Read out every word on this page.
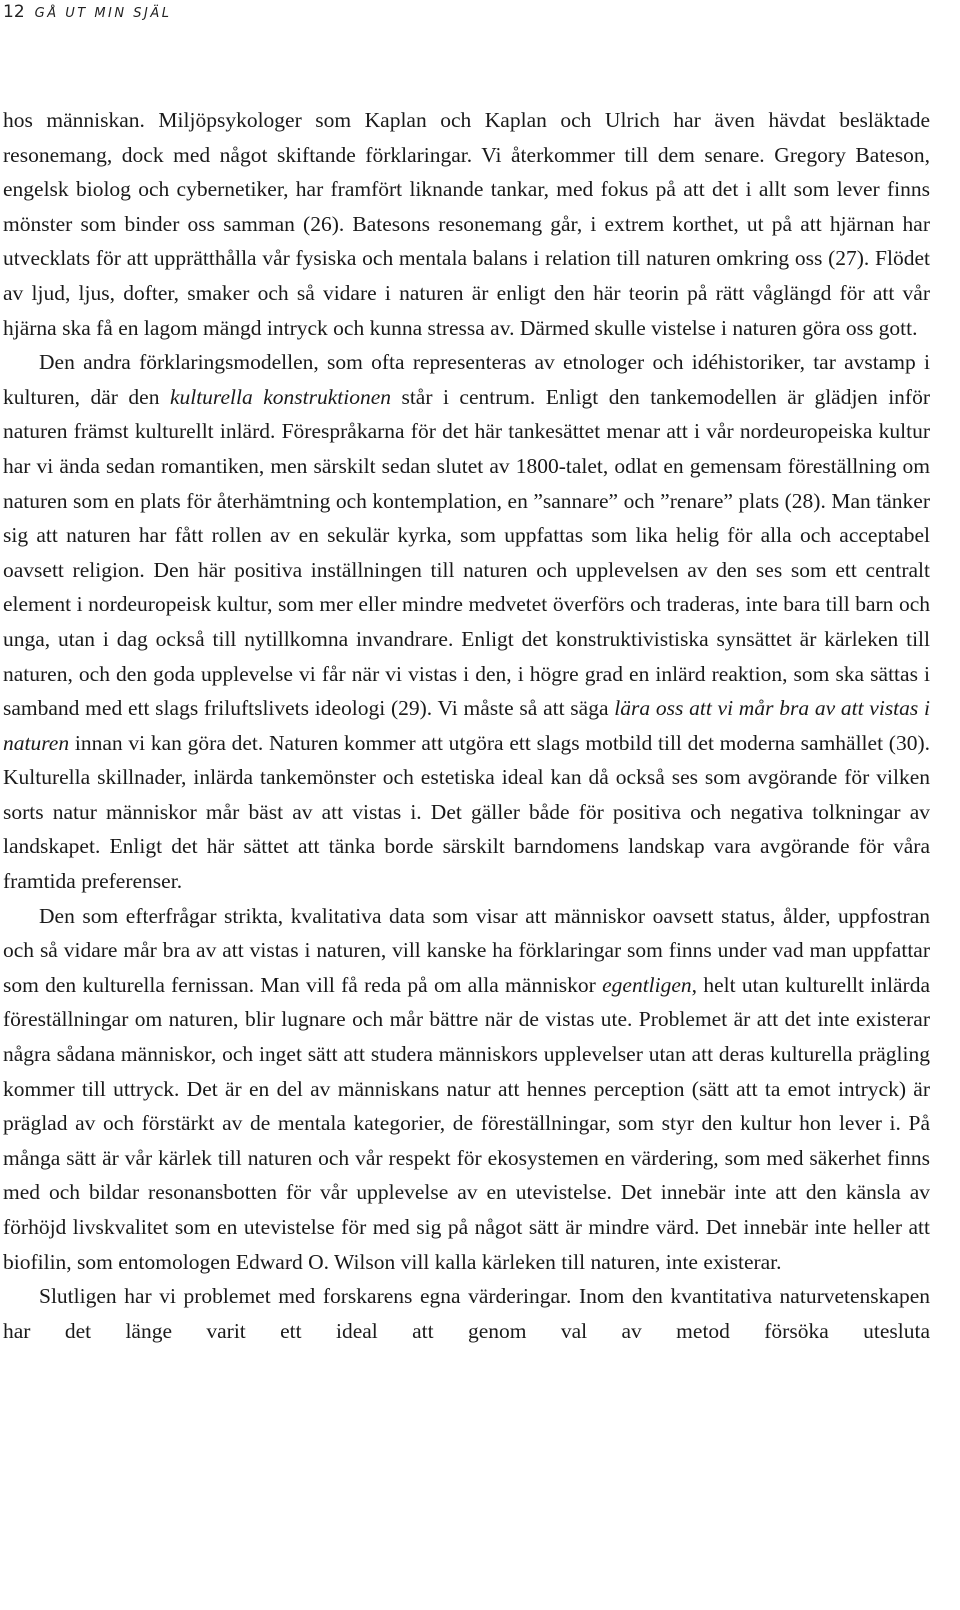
12 GÅ UT MIN SJÄL

hos människan. Miljöpsykologer som Kaplan och Kaplan och Ulrich har även hävdat besläktade resonemang, dock med något skiftande förklaringar. Vi återkommer till dem senare. Gregory Bateson, engelsk biolog och cybernetiker, har framfört liknande tankar, med fokus på att det i allt som lever finns mönster som binder oss samman (26). Batesons resonemang går, i extrem korthet, ut på att hjärnan har utvecklats för att upprätthålla vår fysiska och mentala balans i relation till naturen omkring oss (27). Flödet av ljud, ljus, dofter, smaker och så vidare i naturen är enligt den här teorin på rätt våglängd för att vår hjärna ska få en lagom mängd intryck och kunna stressa av. Därmed skulle vistelse i naturen göra oss gott.

Den andra förklaringsmodellen, som ofta representeras av etnologer och idéhistoriker, tar avstamp i kulturen, där den kulturella konstruktionen står i centrum. Enligt den tankemodellen är glädjen inför naturen främst kulturellt inlärd. Förespråkarna för det här tankesättet menar att i vår nordeuropeiska kultur har vi ända sedan romantiken, men särskilt sedan slutet av 1800-talet, odlat en gemensam föreställning om naturen som en plats för återhämtning och kontemplation, en ”sannare” och ”renare” plats (28). Man tänker sig att naturen har fått rollen av en sekulär kyrka, som uppfattas som lika helig för alla och acceptabel oavsett religion. Den här positiva inställningen till naturen och upplevelsen av den ses som ett centralt element i nordeuropeisk kultur, som mer eller mindre medvetet överförs och traderas, inte bara till barn och unga, utan i dag också till nytillkomna invandrare. Enligt det konstruktivistiska synsättet är kärleken till naturen, och den goda upplevelse vi får när vi vistas i den, i högre grad en inlärd reaktion, som ska sättas i samband med ett slags friluftslivets ideologi (29). Vi måste så att säga lära oss att vi mår bra av att vistas i naturen innan vi kan göra det. Naturen kommer att utgöra ett slags motbild till det moderna samhället (30). Kulturella skillnader, inlärda tankemönster och estetiska ideal kan då också ses som avgörande för vilken sorts natur människor mår bäst av att vistas i. Det gäller både för positiva och negativa tolkningar av landskapet. Enligt det här sättet att tänka borde särskilt barndomens landskap vara avgörande för våra framtida preferenser.

Den som efterfrågar strikta, kvalitativa data som visar att människor oavsett status, ålder, uppfostran och så vidare mår bra av att vistas i naturen, vill kanske ha förklaringar som finns under vad man uppfattar som den kulturella fernissan. Man vill få reda på om alla människor egentligen, helt utan kulturellt inlärda föreställningar om naturen, blir lugnare och mår bättre när de vistas ute. Problemet är att det inte existerar några sådana människor, och inget sätt att studera människors upplevelser utan att deras kulturella prägling kommer till uttryck. Det är en del av människans natur att hennes perception (sätt att ta emot intryck) är präglad av och förstärkt av de mentala kategorier, de föreställningar, som styr den kultur hon lever i. På många sätt är vår kärlek till naturen och vår respekt för ekosystemen en värdering, som med säkerhet finns med och bildar resonansbotten för vår upplevelse av en utevistelse. Det innebär inte att den känsla av förhöjd livskvalitet som en utevistelse för med sig på något sätt är mindre värd. Det innebär inte heller att biofilin, som entomologen Edward O. Wilson vill kalla kärleken till naturen, inte existerar.

Slutligen har vi problemet med forskarens egna värderingar. Inom den kvantitativa naturvetenskapen har det länge varit ett ideal att genom val av metod försöka utesluta
